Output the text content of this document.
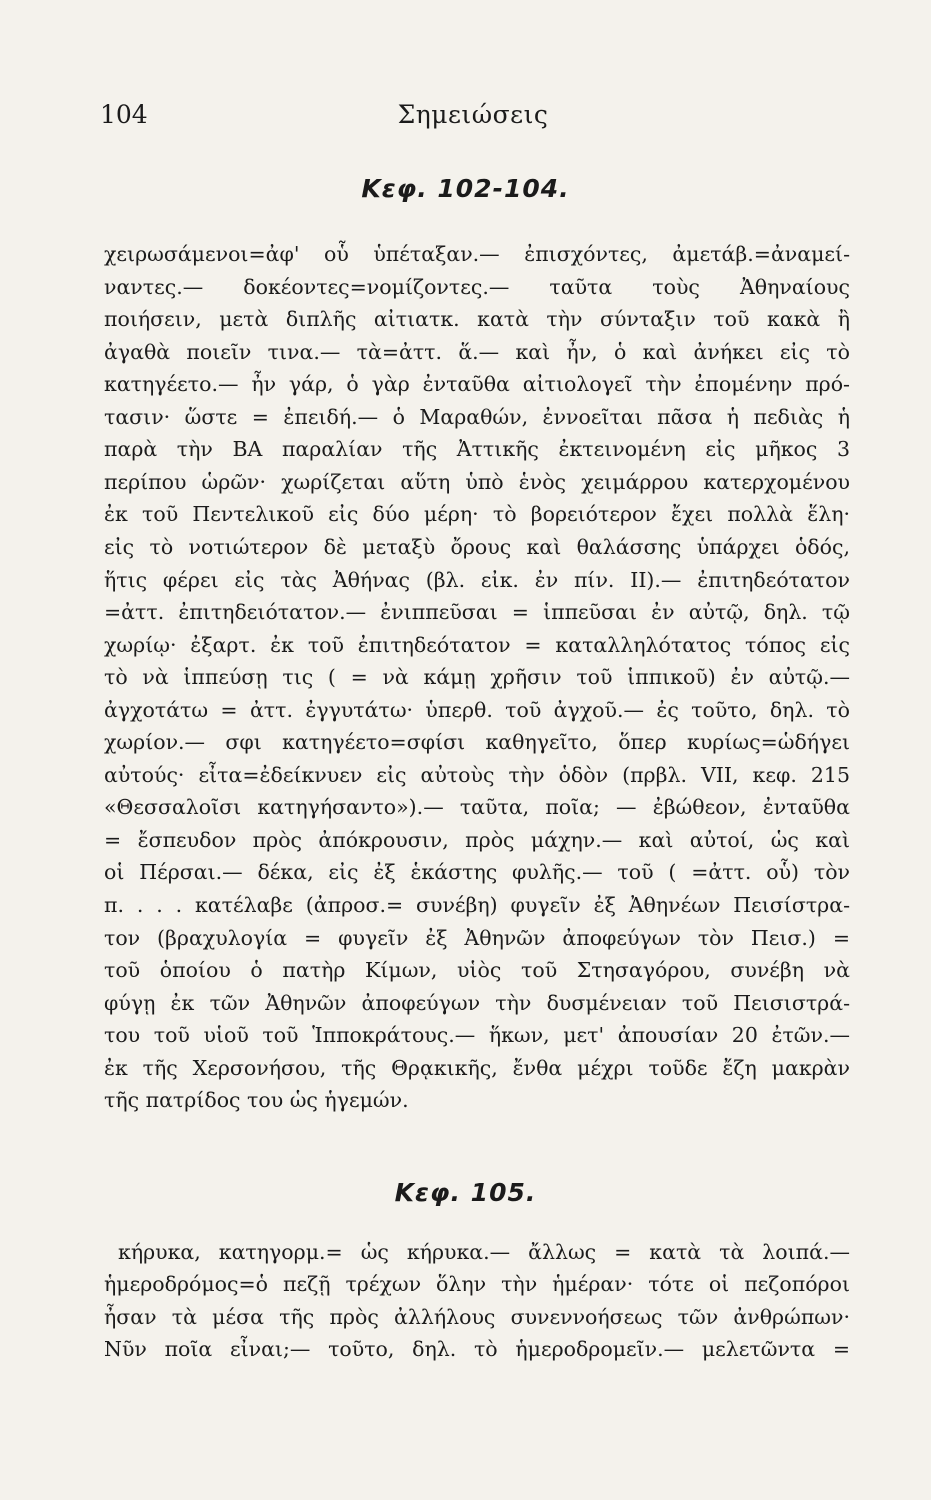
104	Σημειώσεις
Κεφ. 102-104.
χειρωσάμενοι=ἀφ' οὗ ὑπέταξαν.— ἐπισχόντες, ἀμετάβ.=ἀναμεί-
ναντες.— δοκέοντες=νομίζοντες.— ταῦτα τοὺς Ἀθηναίους
ποιήσειν, μετὰ διπλῆς αἰτιατκ. κατὰ τὴν σύνταξιν τοῦ κακὰ ἢ
ἀγαθὰ ποιεῖν τινα.— τὰ=ἀττ. ἅ.— καὶ ἦν, ὁ καὶ ἀνήκει εἰς τὸ
κατηγέετο.— ἦν γάρ, ὁ γὰρ ἐνταῦθα αἰτιολογεῖ τὴν ἐπομένην πρό-
τασιν· ὥστε = ἐπειδή.— ὁ Μαραθών, ἐννοεῖται πᾶσα ἡ πεδιὰς ἡ
παρὰ τὴν ΒΑ παραλίαν τῆς Ἀττικῆς ἐκτεινομένη εἰς μῆκος 3
περίπου ὡρῶν· χωρίζεται αὕτη ὑπὸ ἑνὸς χειμάρρου κατερχομένου
ἐκ τοῦ Πεντελικοῦ εἰς δύο μέρη· τὸ βορειότερον ἔχει πολλὰ ἕλη·
εἰς τὸ νοτιώτερον δὲ μεταξὺ ὄρους καὶ θαλάσσης ὑπάρχει ὁδός,
ἥτις φέρει εἰς τὰς Ἀθήνας (βλ. εἰκ. ἐν πίν. ΙΙ).— ἐπιτηδεότατον
=ἀττ. ἐπιτηδειότατον.— ἐνιππεῦσαι = ἱππεῦσαι ἐν αὐτῷ, δηλ. τῷ
χωρίῳ· ἐξαρτ. ἐκ τοῦ ἐπιτηδεότατον = καταλληλότατος τόπος εἰς
τὸ νὰ ἱππεύσῃ τις ( = νὰ κάμῃ χρῆσιν τοῦ ἱππικοῦ) ἐν αὐτῷ.—
ἀγχοτάτω = ἀττ. ἐγγυτάτω· ὑπερθ. τοῦ ἀγχοῦ.— ἐς τοῦτο, δηλ. τὸ
χωρίον.— σφι κατηγέετο=σφίσι καθηγεῖτο, ὅπερ κυρίως=ὡδήγει
αὐτούς· εἶτα=ἐδείκνυεν εἰς αὐτοὺς τὴν ὁδὸν (πρβλ. VII, κεφ. 215
«Θεσσαλοῖσι κατηγήσαντο»).— ταῦτα, ποῖα; — ἐβώθεον, ἐνταῦθα
= ἔσπευδον πρὸς ἀπόκρουσιν, πρὸς μάχην.— καὶ αὐτοί, ὡς καὶ
οἱ Πέρσαι.— δέκα, εἰς ἐξ ἑκάστης φυλῆς.— τοῦ ( =ἀττ. οὗ) τὸν
π. . . . κατέλαβε (ἀπροσ.= συνέβη) φυγεῖν ἐξ Ἀθηνέων Πεισίστρα-
τον (βραχυλογία = φυγεῖν ἐξ Ἀθηνῶν ἀποφεύγων τὸν Πεισ.) =
τοῦ ὁποίου ὁ πατὴρ Κίμων, υἱὸς τοῦ Στησαγόρου, συνέβη νὰ
φύγῃ ἐκ τῶν Ἀθηνῶν ἀποφεύγων τὴν δυσμένειαν τοῦ Πεισιστρά-
του τοῦ υἱοῦ τοῦ Ἱπποκράτους.— ἥκων, μετ' ἀπουσίαν 20 ἐτῶν.—
ἐκ τῆς Χερσονήσου, τῆς Θρᾳκικῆς, ἔνθα μέχρι τοῦδε ἔζη μακρὰν
τῆς πατρίδος του ὡς ἡγεμών.
Κεφ. 105.
κήρυκα, κατηγορμ.= ὡς κήρυκα.— ἄλλως = κατὰ τὰ λοιπά.—
ἡμεροδρόμος=ὁ πεζῇ τρέχων ὅλην τὴν ἡμέραν· τότε οἱ πεζοπόροι
ἦσαν τὰ μέσα τῆς πρὸς ἀλλήλους συνεννοήσεως τῶν ἀνθρώπων·
Νῦν ποῖα εἶναι;— τοῦτο, δηλ. τὸ ἡμεροδρομεῖν.— μελετῶντα =
